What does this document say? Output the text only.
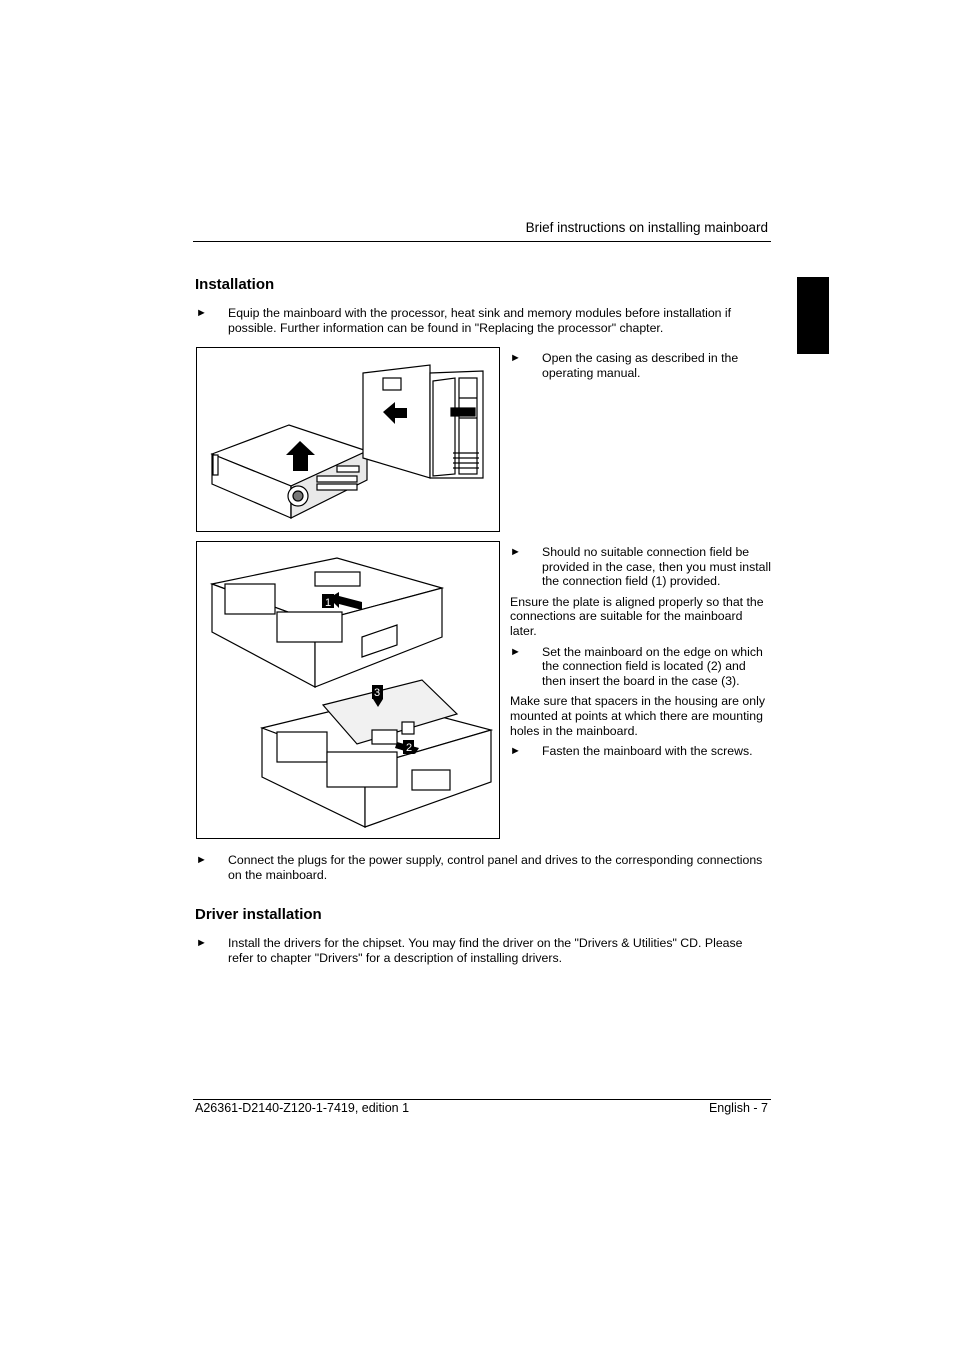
Brief instructions on installing mainboard
Installation
►	Equip the mainboard with the processor, heat sink and memory modules before installation if possible. Further information can be found in "Replacing the processor" chapter.
►	Open the casing as described in the operating manual.
1
3
2
►	Should no suitable connection field be provided in the case, then you must install the connection field (1) provided.
Ensure the plate is aligned properly so that the connections are suitable for the mainboard later.
►	Set the mainboard on the edge on which the connection field is located (2) and then insert the board in the case (3).
Make sure that spacers in the housing are only mounted at points at which there are mounting holes in the mainboard.
►	Fasten the mainboard with the screws.
►	Connect the plugs for the power supply, control panel and drives to the corresponding connections on the mainboard.
Driver installation
►	Install the drivers for the chipset. You may find the driver on the "Drivers & Utilities" CD. Please refer to chapter "Drivers" for a description of installing drivers.
A26361-D2140-Z120-1-7419, edition 1	English - 7
